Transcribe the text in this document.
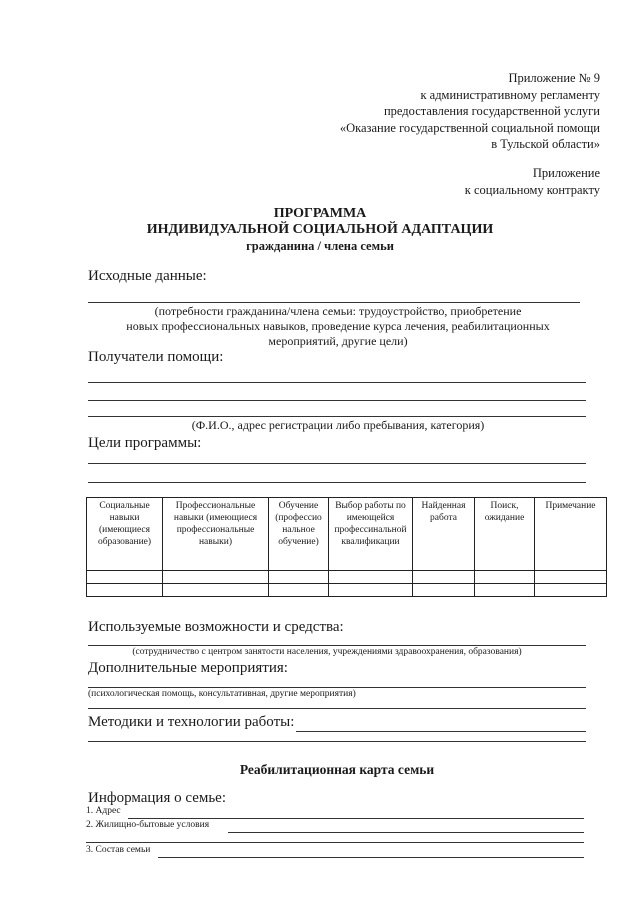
Приложение № 9
к административному регламенту
предоставления государственной услуги
«Оказание государственной социальной помощи
в Тульской области»
Приложение
к социальному контракту
ПРОГРАММА
ИНДИВИДУАЛЬНОЙ СОЦИАЛЬНОЙ АДАПТАЦИИ
гражданина / члена семьи
Исходные данные:
(потребности гражданина/члена семьи: трудоустройство, приобретение
новых профессиональных навыков, проведение курса лечения, реабилитационных
мероприятий, другие цели)
Получатели помощи:
(Ф.И.О., адрес регистрации либо пребывания, категория)
Цели программы:
Социальные навыки (имеющиеся образование)	Профессиональные навыки (имеющиеся профессиональные навыки)	Обучение (профессио нальное обучение)	Выбор работы по имеющейся профессинальной квалификации	Найденная работа	Поиск, ожидание	Примечание

Используемые возможности и средства:
(сотрудничество с центром занятости населения, учреждениями здравоохранения, образования)
Дополнительные мероприятия:
(психологическая помощь, консультативная, другие мероприятия)
Методики и технологии работы:
Реабилитационная карта семьи
Информация о семье:
1. Адрес
2. Жилищно-бытовые условия
3. Состав семьи
